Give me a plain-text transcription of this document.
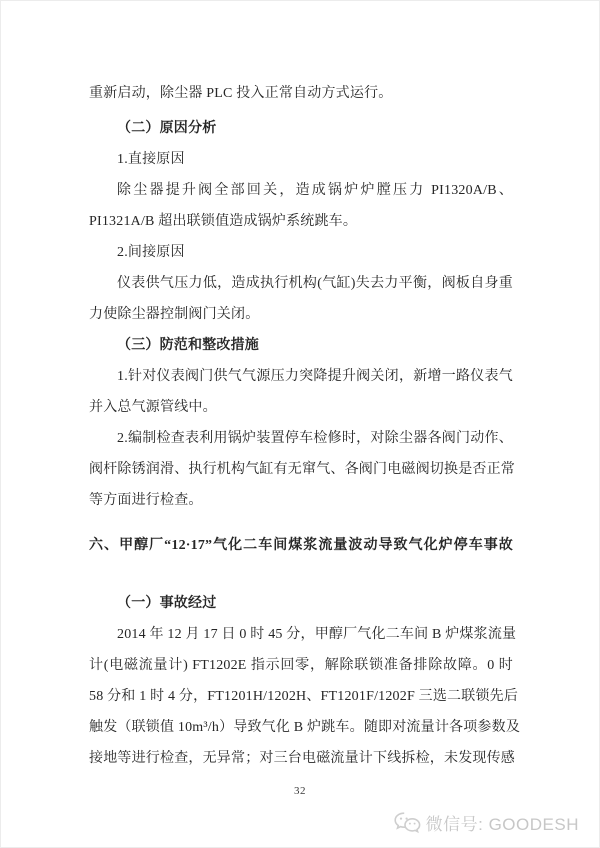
重新启动，除尘器 PLC 投入正常自动方式运行。
（二）原因分析
1.直接原因
除尘器提升阀全部回关，造成锅炉炉膛压力 PI1320A/B、
PI1321A/B 超出联锁值造成锅炉系统跳车。
2.间接原因
仪表供气压力低，造成执行机构(气缸)失去力平衡，阀板自身重
力使除尘器控制阀门关闭。
（三）防范和整改措施
1.针对仪表阀门供气气源压力突降提升阀关闭，新增一路仪表气
并入总气源管线中。
2.编制检查表利用锅炉装置停车检修时，对除尘器各阀门动作、
阀杆除锈润滑、执行机构气缸有无窜气、各阀门电磁阀切换是否正常
等方面进行检查。
六、甲醇厂“12·17”气化二车间煤浆流量波动导致气化炉停车事故
（一）事故经过
2014 年 12 月 17 日 0 时 45 分，甲醇厂气化二车间 B 炉煤浆流量
计(电磁流量计) FT1202E 指示回零，解除联锁准备排除故障。0 时
58 分和 1 时 4 分，FT1201H/1202H、FT1201F/1202F 三选二联锁先后
触发（联锁值 10m³/h）导致气化 B 炉跳车。随即对流量计各项参数及
接地等进行检查，无异常；对三台电磁流量计下线拆检，未发现传感
32
微信号: GOODESH
